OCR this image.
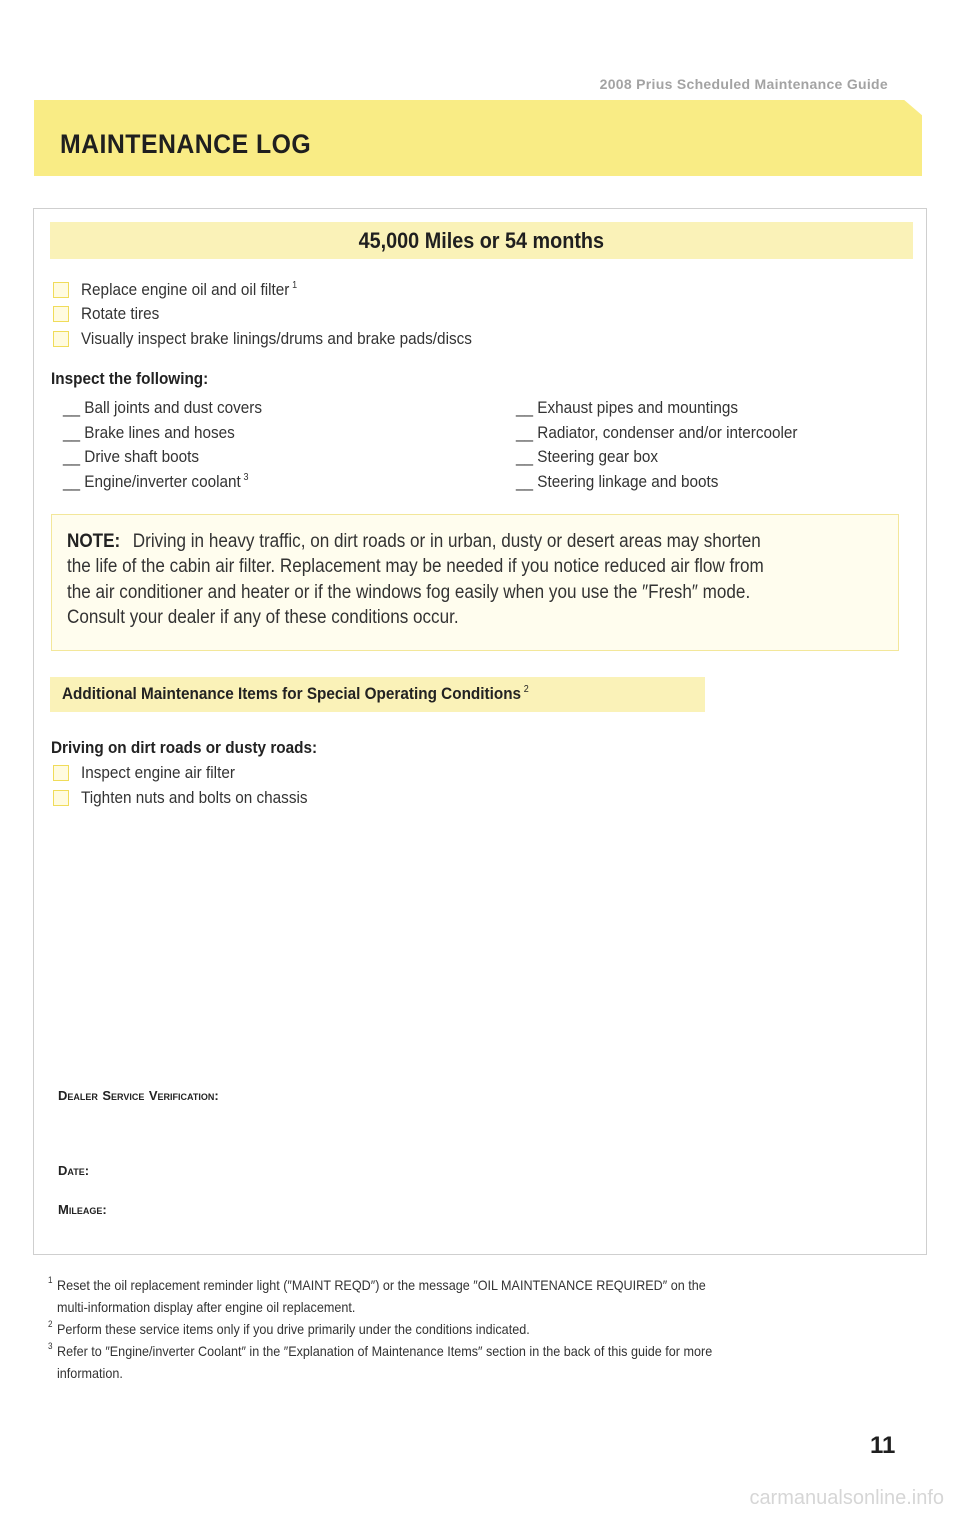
2008 Prius Scheduled Maintenance Guide
MAINTENANCE LOG
45,000 Miles or 54 months
Replace engine oil and oil filter $^1$
Rotate tires
Visually inspect brake linings/drums and brake pads/discs
Inspect the following:
__ Ball joints and dust covers
__ Brake lines and hoses
__ Drive shaft boots
__ Engine/inverter coolant $^3$
__ Exhaust pipes and mountings
__ Radiator, condenser and/or intercooler
__ Steering gear box
__ Steering linkage and boots
NOTE: Driving in heavy traffic, on dirt roads or in urban, dusty or desert areas may shorten
the life of the cabin air filter. Replacement may be needed if you notice reduced air flow from
the air conditioner and heater or if the windows fog easily when you use the ″Fresh″ mode.
Consult your dealer if any of these conditions occur.
Additional Maintenance Items for Special Operating Conditions $^2$
Driving on dirt roads or dusty roads:
Inspect engine air filter
Tighten nuts and bolts on chassis
DEALER SERVICE VERIFICATION:
DATE:
MILEAGE:
1 Reset the oil replacement reminder light (″MAINT REQD″) or the message ″OIL MAINTENANCE REQUIRED″ on the
multi-information display after engine oil replacement.
2 Perform these service items only if you drive primarily under the conditions indicated.
3 Refer to ″Engine/inverter Coolant″ in the ″Explanation of Maintenance Items″ section in the back of this guide for more
information.
11
carmanualsonline.info
